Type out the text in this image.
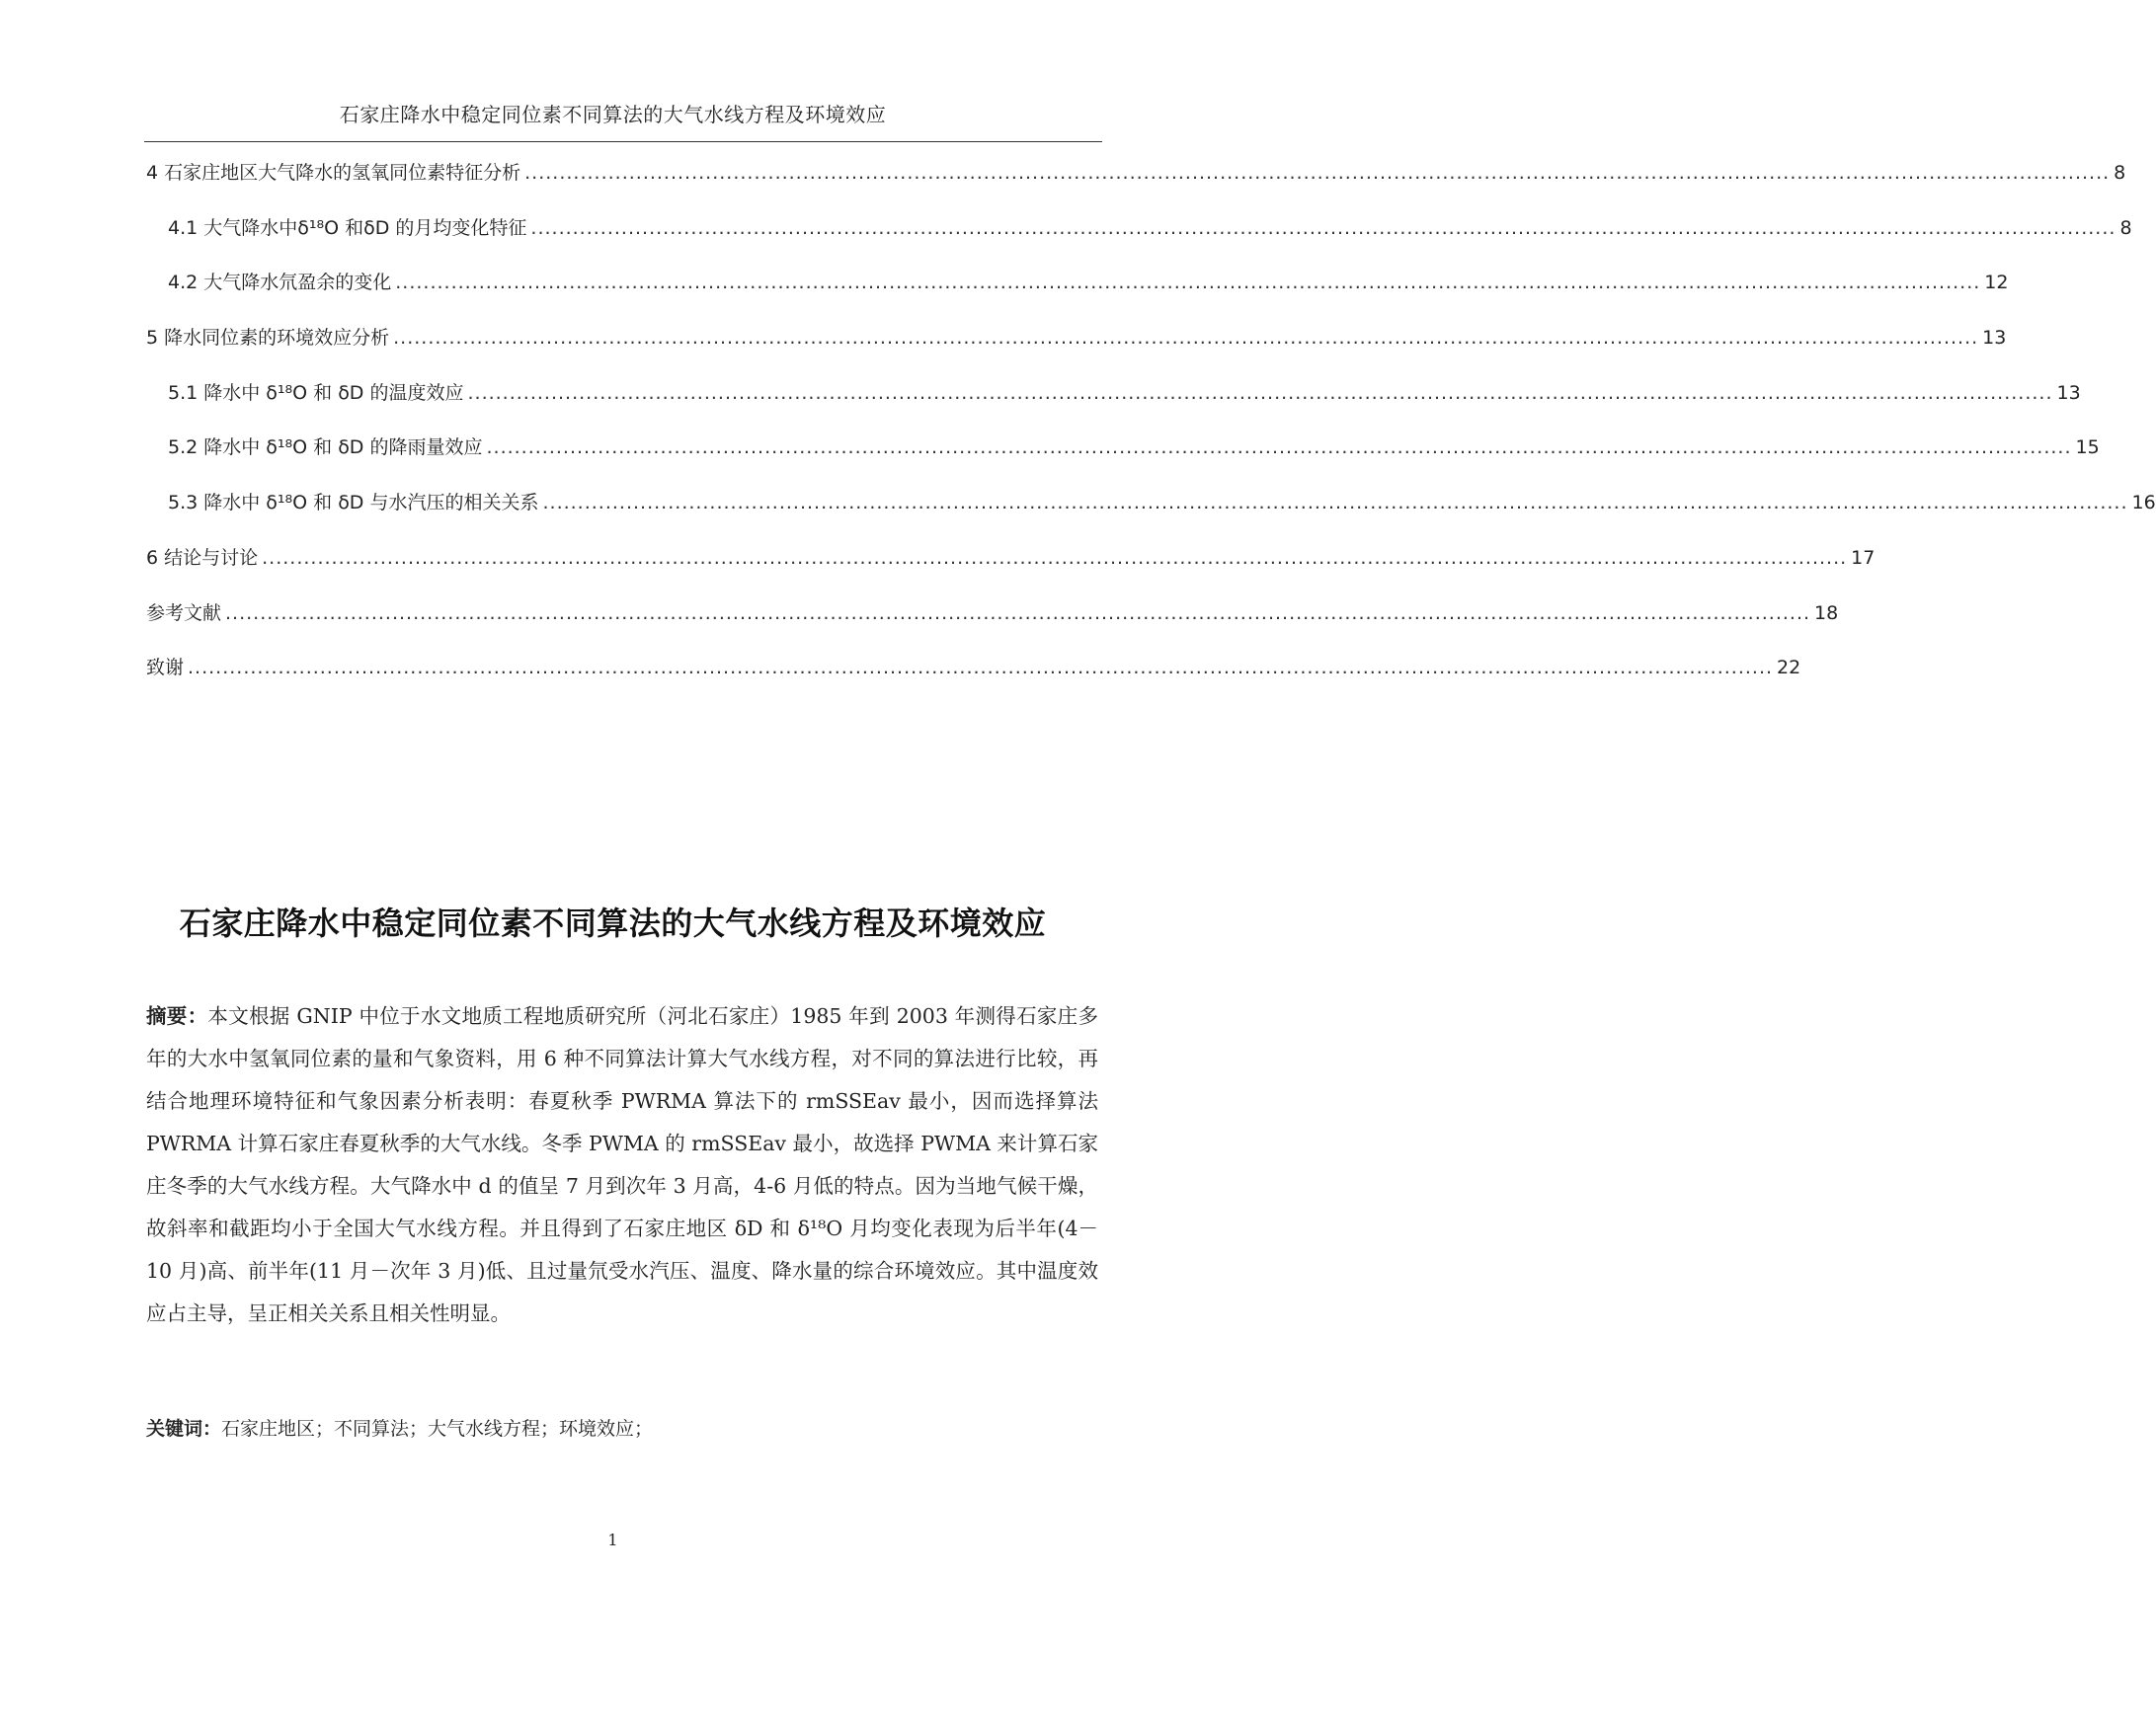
石家庄降水中稳定同位素不同算法的大气水线方程及环境效应
4 石家庄地区大气降水的氢氧同位素特征分析 .................................................................................................................................................................................................................................... 8
4.1 大气降水中δ¹⁸O 和δD 的月均变化特征 .................................................................................................................................................................................................................................... 8
4.2 大气降水氘盈余的变化 .................................................................................................................................................................................................................................... 12
5 降水同位素的环境效应分析 .................................................................................................................................................................................................................................... 13
5.1 降水中 δ¹⁸O 和 δD 的温度效应 .................................................................................................................................................................................................................................... 13
5.2 降水中 δ¹⁸O 和 δD 的降雨量效应 .................................................................................................................................................................................................................................... 15
5.3 降水中 δ¹⁸O 和 δD 与水汽压的相关关系 .................................................................................................................................................................................................................................... 16
6 结论与讨论 .................................................................................................................................................................................................................................... 17
参考文献 .................................................................................................................................................................................................................................... 18
致谢 .................................................................................................................................................................................................................................... 22
石家庄降水中稳定同位素不同算法的大气水线方程及环境效应
摘要：本文根据 GNIP 中位于水文地质工程地质研究所（河北石家庄）1985 年到 2003 年测得石家庄多年的大水中氢氧同位素的量和气象资料，用 6 种不同算法计算大气水线方程，对不同的算法进行比较，再结合地理环境特征和气象因素分析表明：春夏秋季 PWRMA 算法下的 rmSSEav 最小，因而选择算法 PWRMA 计算石家庄春夏秋季的大气水线。冬季 PWMA 的 rmSSEav 最小，故选择 PWMA 来计算石家庄冬季的大气水线方程。大气降水中 d 的值呈 7 月到次年 3 月高，4-6 月低的特点。因为当地气候干燥，故斜率和截距均小于全国大气水线方程。并且得到了石家庄地区 δD 和 δ¹⁸O 月均变化表现为后半年(4－10 月)高、前半年(11 月－次年 3 月)低、且过量氘受水汽压、温度、降水量的综合环境效应。其中温度效应占主导，呈正相关关系且相关性明显。
关键词：石家庄地区；不同算法；大气水线方程；环境效应；
1
